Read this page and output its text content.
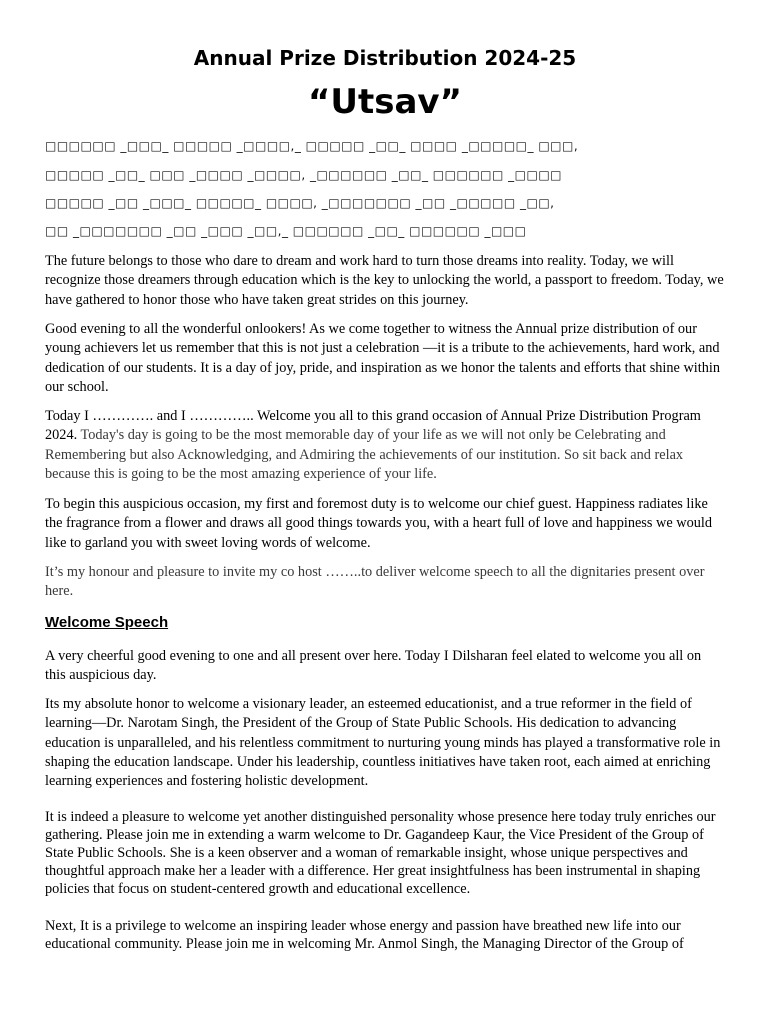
Annual Prize Distribution 2024-25
“Utsav”
□□□□□□ _□□□_ □□□□□ _□□□□,_ □□□□□ _□□_ □□□□ _□□□□□_ □□□,
□□□□□ _□□_ □□□ _□□□□ _□□□□, _□□□□□□ _□□_ □□□□□□ _□□□□
□□□□□ _□□ _□□□_ □□□□□_ □□□□, _□□□□□□□ _□□ _□□□□□ _□□,
□□ _□□□□□□□ _□□ _□□□ _□□,_ □□□□□□ _□□_ □□□□□□ _□□□

The future belongs to those who dare to dream and work hard to turn those dreams into reality. Today, we will recognize those dreamers through education which is the key to unlocking the world, a passport to freedom. Today, we have gathered to honor those who have taken great strides on this journey.

Good evening to all the wonderful onlookers! As we come together to witness the Annual prize distribution of our young achievers let us remember that this is not just a celebration —it is a tribute to the achievements, hard work, and dedication of our students. It is a day of joy, pride, and inspiration as we honor the talents and efforts that shine within our school.

Today I …………. and I ………….. Welcome you all to this grand occasion of Annual Prize Distribution Program 2024. Today's day is going to be the most memorable day of your life as we will not only be Celebrating and Remembering but also Acknowledging, and Admiring the achievements of our institution. So sit back and relax because this is going to be the most amazing experience of your life.

To begin this auspicious occasion, my first and foremost duty is to welcome our chief guest. Happiness radiates like the fragrance from a flower and draws all good things towards you, with a heart full of love and happiness we would like to garland you with sweet loving words of welcome.

It’s my honour and pleasure to invite my co host ……..to deliver welcome speech to all the dignitaries present over here.

Welcome Speech

A very cheerful good evening to one and all present over here. Today I Dilsharan feel elated to welcome you all on this auspicious day.

Its my absolute honor to welcome a visionary leader, an esteemed educationist, and a true reformer in the field of learning—Dr. Narotam Singh, the President of the Group of State Public Schools. His dedication to advancing education is unparalleled, and his relentless commitment to nurturing young minds has played a transformative role in shaping the education landscape. Under his leadership, countless initiatives have taken root, each aimed at enriching learning experiences and fostering holistic development.

It is indeed a pleasure to welcome yet another distinguished personality whose presence here today truly enriches our gathering. Please join me in extending a warm welcome to Dr. Gagandeep Kaur, the Vice President of the Group of State Public Schools. She is a keen observer and a woman of remarkable insight, whose unique perspectives and thoughtful approach make her a leader with a difference. Her great insightfulness has been instrumental in shaping policies that focus on student-centered growth and educational excellence.

Next, It is a privilege to welcome an inspiring leader whose energy and passion have breathed new life into our educational community. Please join me in welcoming Mr. Anmol Singh, the Managing Director of the Group of
